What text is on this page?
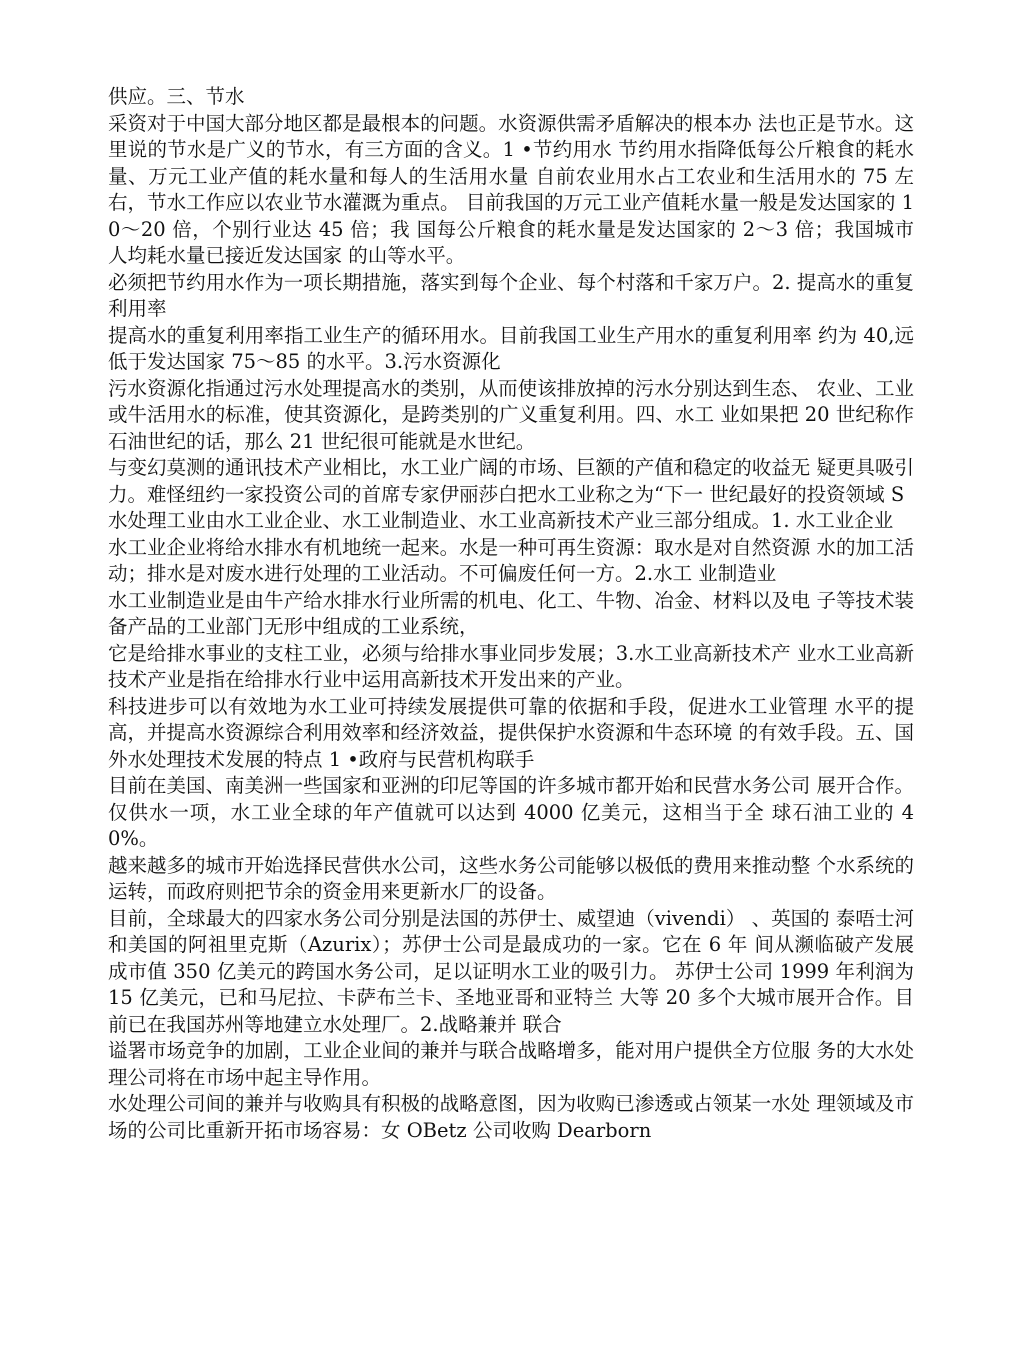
供应。三、节水

采资对于中国大部分地区都是最根本的问题。水资源供需矛盾解决的根本办 法也正是节水。这里说的节水是广义的节水，有三方面的含义。1 •节约用水 节约用水指降低每公斤粮食的耗水量、万元工业产值的耗水量和每人的生活用水量 自前农业用水占工农业和生活用水的 75 左右，节水工作应以农业节水灌溉为重点。 目前我国的万元工业产值耗水量一般是发达国家的 10～20 倍，个别行业达 45 倍；我 国每公斤粮食的耗水量是发达国家的 2～3 倍；我国城市人均耗水量已接近发达国家 的山等水平。

必须把节约用水作为一项长期措施，落实到每个企业、每个村落和千家万户。2. 提高水的重复利用率

提高水的重复利用率指工业生产的循环用水。目前我国工业生产用水的重复利用率 约为 40,远低于发达国家 75～85 的水平。3.污水资源化

污水资源化指通过污水处理提高水的类别，从而使该排放掉的污水分别达到生态、 农业、工业或牛活用水的标准，使其资源化，是跨类别的广义重复利用。四、水工 业如果把 20 世纪称作石油世纪的话，那么 21 世纪很可能就是水世纪。

与变幻莫测的通讯技术产业相比，水工业广阔的市场、巨额的产值和稳定的收益无 疑更具吸引力。难怪纽约一家投资公司的首席专家伊丽莎白把水工业称之为“下一 世纪最好的投资领域 S

水处理工业由水工业企业、水工业制造业、水工业高新技术产业三部分组成。1. 水工业企业

水工业企业将给水排水有机地统一起来。水是一种可再生资源：取水是对自然资源 水的加工活动；排水是对废水进行处理的工业活动。不可偏废任何一方。2.水工 业制造业

水工业制造业是由牛产给水排水行业所需的机电、化工、牛物、冶金、材料以及电 子等技术装备产品的工业部门无形中组成的工业系统，

它是给排水事业的支柱工业，必须与给排水事业同步发展；3.水工业高新技术产 业水工业高新技术产业是指在给排水行业中运用高新技术开发出来的产业。

科技进步可以有效地为水工业可持续发展提供可靠的依据和手段，促进水工业管理 水平的提高，并提高水资源综合利用效率和经济效益，提供保护水资源和牛态环境 的有效手段。五、国外水处理技术发展的特点 1 •政府与民营机构联手

目前在美国、南美洲一些国家和亚洲的印尼等国的许多城市都开始和民营水务公司 展开合作。仅供水一项，水工业全球的年产值就可以达到 4000 亿美元，这相当于全 球石油工业的 40%。

越来越多的城市开始选择民营供水公司，这些水务公司能够以极低的费用来推动整 个水系统的运转，而政府则把节余的资金用来更新水厂的设备。

目前，全球最大的四家水务公司分别是法国的苏伊士、威望迪（vivendi） 、英国的 泰唔士河和美国的阿祖里克斯（Azurix）；苏伊士公司是最成功的一家。它在 6 年 间从濒临破产发展成市值 350 亿美元的跨国水务公司，足以证明水工业的吸引力。 苏伊士公司 1999 年利润为 15 亿美元，已和马尼拉、卡萨布兰卡、圣地亚哥和亚特兰 大等 20 多个大城市展开合作。目前已在我国苏州等地建立水处理厂。2.战略兼并 联合

谥署市场竞争的加剧，工业企业间的兼并与联合战略增多，能对用户提供全方位服 务的大水处理公司将在市场中起主导作用。

水处理公司间的兼并与收购具有积极的战略意图，因为收购已渗透或占领某一水处 理领域及市场的公司比重新开拓市场容易：女 OBetz 公司收购 Dearborn
